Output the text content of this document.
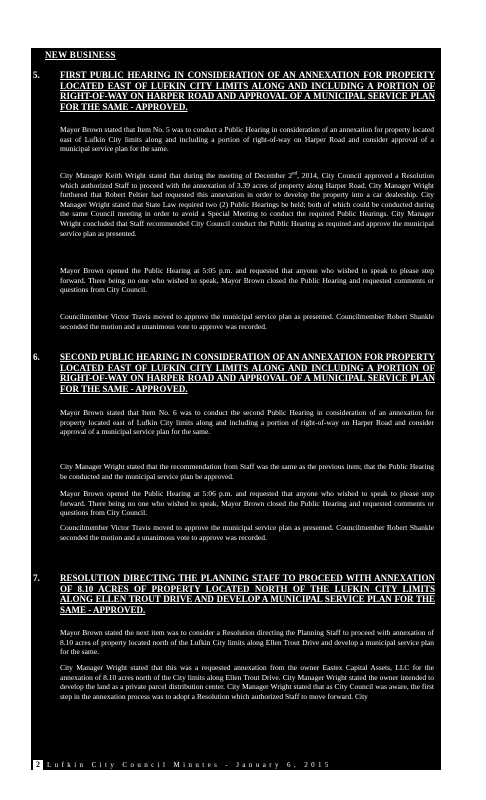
NEW BUSINESS
5. FIRST PUBLIC HEARING IN CONSIDERATION OF AN ANNEXATION FOR PROPERTY LOCATED EAST OF LUFKIN CITY LIMITS ALONG AND INCLUDING A PORTION OF RIGHT-OF-WAY ON HARPER ROAD AND APPROVAL OF A MUNICIPAL SERVICE PLAN FOR THE SAME - APPROVED.
Mayor Brown stated that Item No. 5 was to conduct a Public Hearing in consideration of an annexation for property located east of Lufkin City limits along and including a portion of right-of-way on Harper Road and consider approval of a municipal service plan for the same.
City Manager Keith Wright stated that during the meeting of December 2nd, 2014, City Council approved a Resolution which authorized Staff to proceed with the annexation of 3.39 acres of property along Harper Road. City Manager Wright furthered that Robert Peltier had requested this annexation in order to develop the property into a car dealership. City Manager Wright stated that State Law required two (2) Public Hearings be held; both of which could be conducted during the same Council meeting in order to avoid a Special Meeting to conduct the required Public Hearings. City Manager Wright concluded that Staff recommended City Council conduct the Public Hearing as required and approve the municipal service plan as presented.
Mayor Brown opened the Public Hearing at 5:05 p.m. and requested that anyone who wished to speak to please step forward. There being no one who wished to speak, Mayor Brown closed the Public Hearing and requested comments or questions from City Council.
Councilmember Victor Travis moved to approve the municipal service plan as presented. Councilmember Robert Shankle seconded the motion and a unanimous vote to approve was recorded.
6. SECOND PUBLIC HEARING IN CONSIDERATION OF AN ANNEXATION FOR PROPERTY LOCATED EAST OF LUFKIN CITY LIMITS ALONG AND INCLUDING A PORTION OF RIGHT-OF-WAY ON HARPER ROAD AND APPROVAL OF A MUNICIPAL SERVICE PLAN FOR THE SAME - APPROVED.
Mayor Brown stated that Item No. 6 was to conduct the second Public Hearing in consideration of an annexation for property located east of Lufkin City limits along and including a portion of right-of-way on Harper Road and consider approval of a municipal service plan for the same.
City Manager Wright stated that the recommendation from Staff was the same as the previous item; that the Public Hearing be conducted and the municipal service plan be approved.
Mayor Brown opened the Public Hearing at 5:06 p.m. and requested that anyone who wished to speak to please step forward. There being no one who wished to speak, Mayor Brown closed the Public Hearing and requested comments or questions from City Council.
Councilmember Victor Travis moved to approve the municipal service plan as presented. Councilmember Robert Shankle seconded the motion and a unanimous vote to approve was recorded.
7. RESOLUTION DIRECTING THE PLANNING STAFF TO PROCEED WITH ANNEXATION OF 8.10 ACRES OF PROPERTY LOCATED NORTH OF THE LUFKIN CITY LIMITS ALONG ELLEN TROUT DRIVE AND DEVELOP A MUNICIPAL SERVICE PLAN FOR THE SAME - APPROVED.
Mayor Brown stated the next item was to consider a Resolution directing the Planning Staff to proceed with annexation of 8.10 acres of property located north of the Lufkin City limits along Ellen Trout Drive and develop a municipal service plan for the same.
City Manager Wright stated that this was a requested annexation from the owner Eastex Capital Assets, LLC for the annexation of 8.10 acres north of the City limits along Ellen Trout Drive. City Manager Wright stated the owner intended to develop the land as a private parcel distribution center. City Manager Wright stated that as City Council was aware, the first step in the annexation process was to adopt a Resolution which authorized Staff to move forward. City
2	Lufkin City Council Minutes - January 6, 2015
